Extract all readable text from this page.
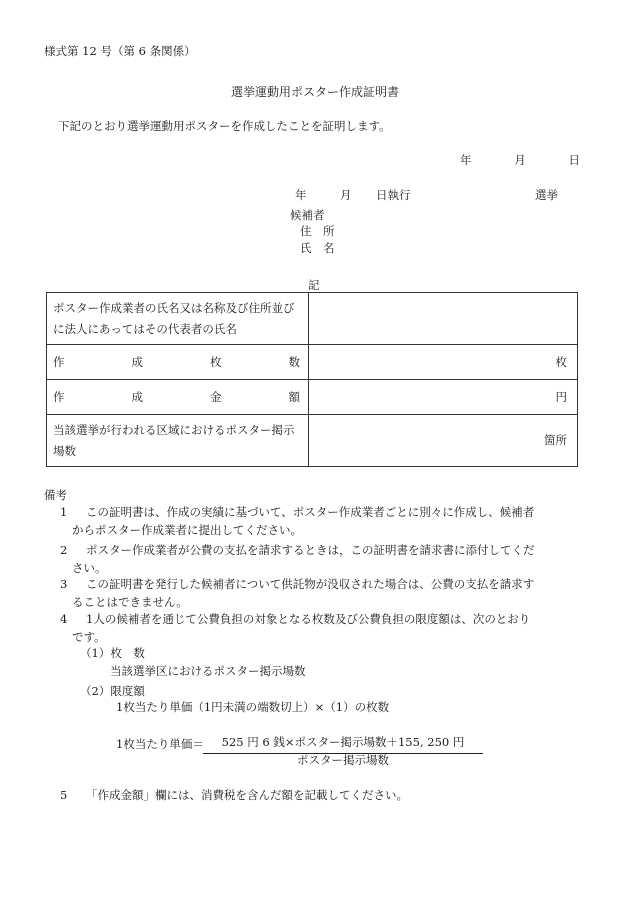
様式第 12 号（第 6 条関係）
選挙運動用ポスター作成証明書
下記のとおり選挙運動用ポスターを作成したことを証明します。
年	月	日
年	月	日執行	選挙
候補者
住　所
氏　名
記
ポスター作成業者の氏名又は名称及び住所並びに法人にあってはその代表者の氏名	
作成枚数	枚
作成金額	円
当該選挙が行われる区域におけるポスター掲示場数	箇所
備考
1 この証明書は、作成の実績に基づいて、ポスター作成業者ごとに別々に作成し、候補者
からポスター作成業者に提出してください。
2 ポスター作成業者が公費の支払を請求するときは，この証明書を請求書に添付してくだ
さい。
3 この証明書を発行した候補者について供託物が没収された場合は、公費の支払を請求す
ることはできません。
4 1人の候補者を通じて公費負担の対象となる枚数及び公費負担の限度額は、次のとおり
です。
（1）枚　数
当該選挙区におけるポスター掲示場数
（2）限度額
1枚当たり単価（1円未満の端数切上）×（1）の枚数
1枚当たり単価＝	525 円 6 銭×ポスター掲示場数＋155, 250 円
ポスター掲示場数
5 「作成金額」欄には、消費税を含んだ額を記載してください。
